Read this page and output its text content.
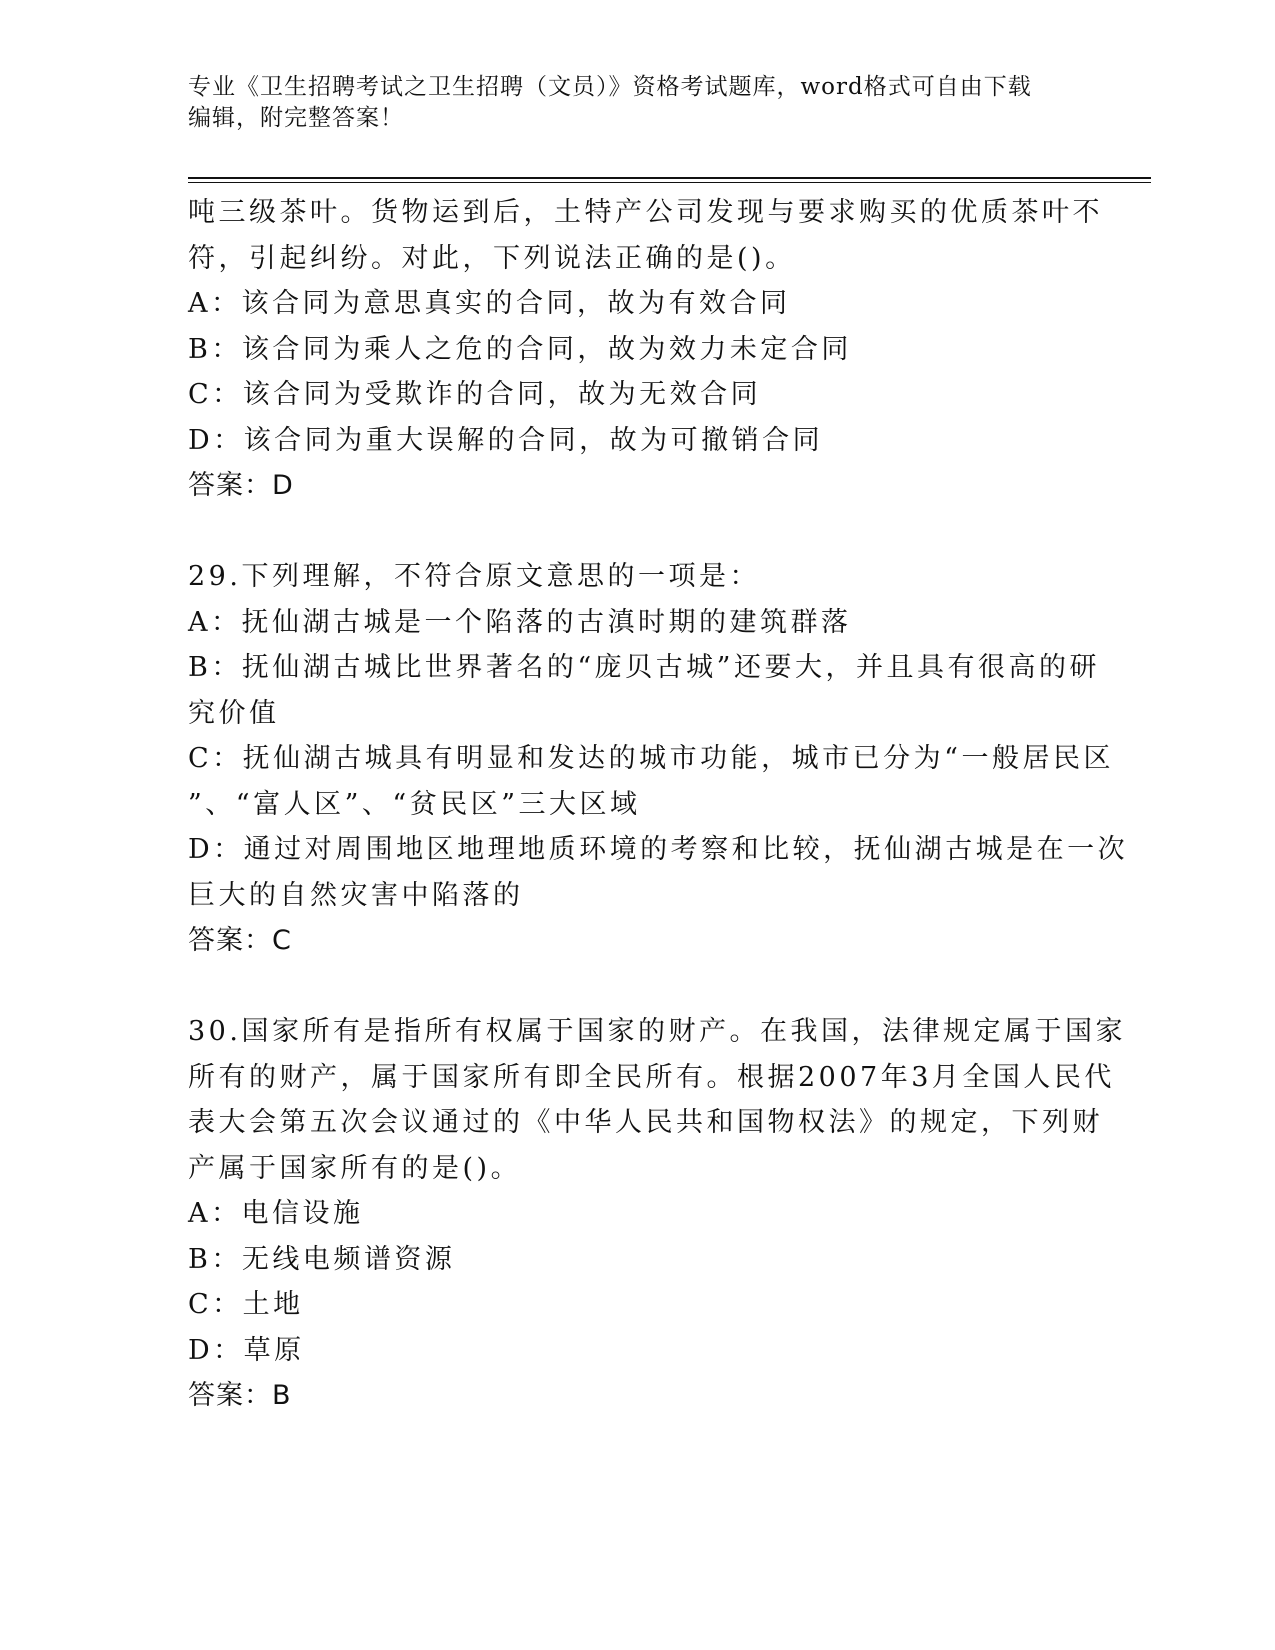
专业《卫生招聘考试之卫生招聘（文员）》资格考试题库，word格式可自由下载
编辑，附完整答案！
吨三级茶叶。货物运到后，土特产公司发现与要求购买的优质茶叶不
符，引起纠纷。对此，下列说法正确的是()。
A：该合同为意思真实的合同，故为有效合同
B：该合同为乘人之危的合同，故为效力未定合同
C：该合同为受欺诈的合同，故为无效合同
D：该合同为重大误解的合同，故为可撤销合同
答案：D
29.下列理解，不符合原文意思的一项是：
A：抚仙湖古城是一个陷落的古滇时期的建筑群落
B：抚仙湖古城比世界著名的“庞贝古城”还要大，并且具有很高的研
究价值
C：抚仙湖古城具有明显和发达的城市功能，城市已分为“一般居民区
”、“富人区”、“贫民区”三大区域
D：通过对周围地区地理地质环境的考察和比较，抚仙湖古城是在一次
巨大的自然灾害中陷落的
答案：C
30.国家所有是指所有权属于国家的财产。在我国，法律规定属于国家
所有的财产，属于国家所有即全民所有。根据2007年3月全国人民代
表大会第五次会议通过的《中华人民共和国物权法》的规定，下列财
产属于国家所有的是()。
A：电信设施
B：无线电频谱资源
C：土地
D：草原
答案：B
